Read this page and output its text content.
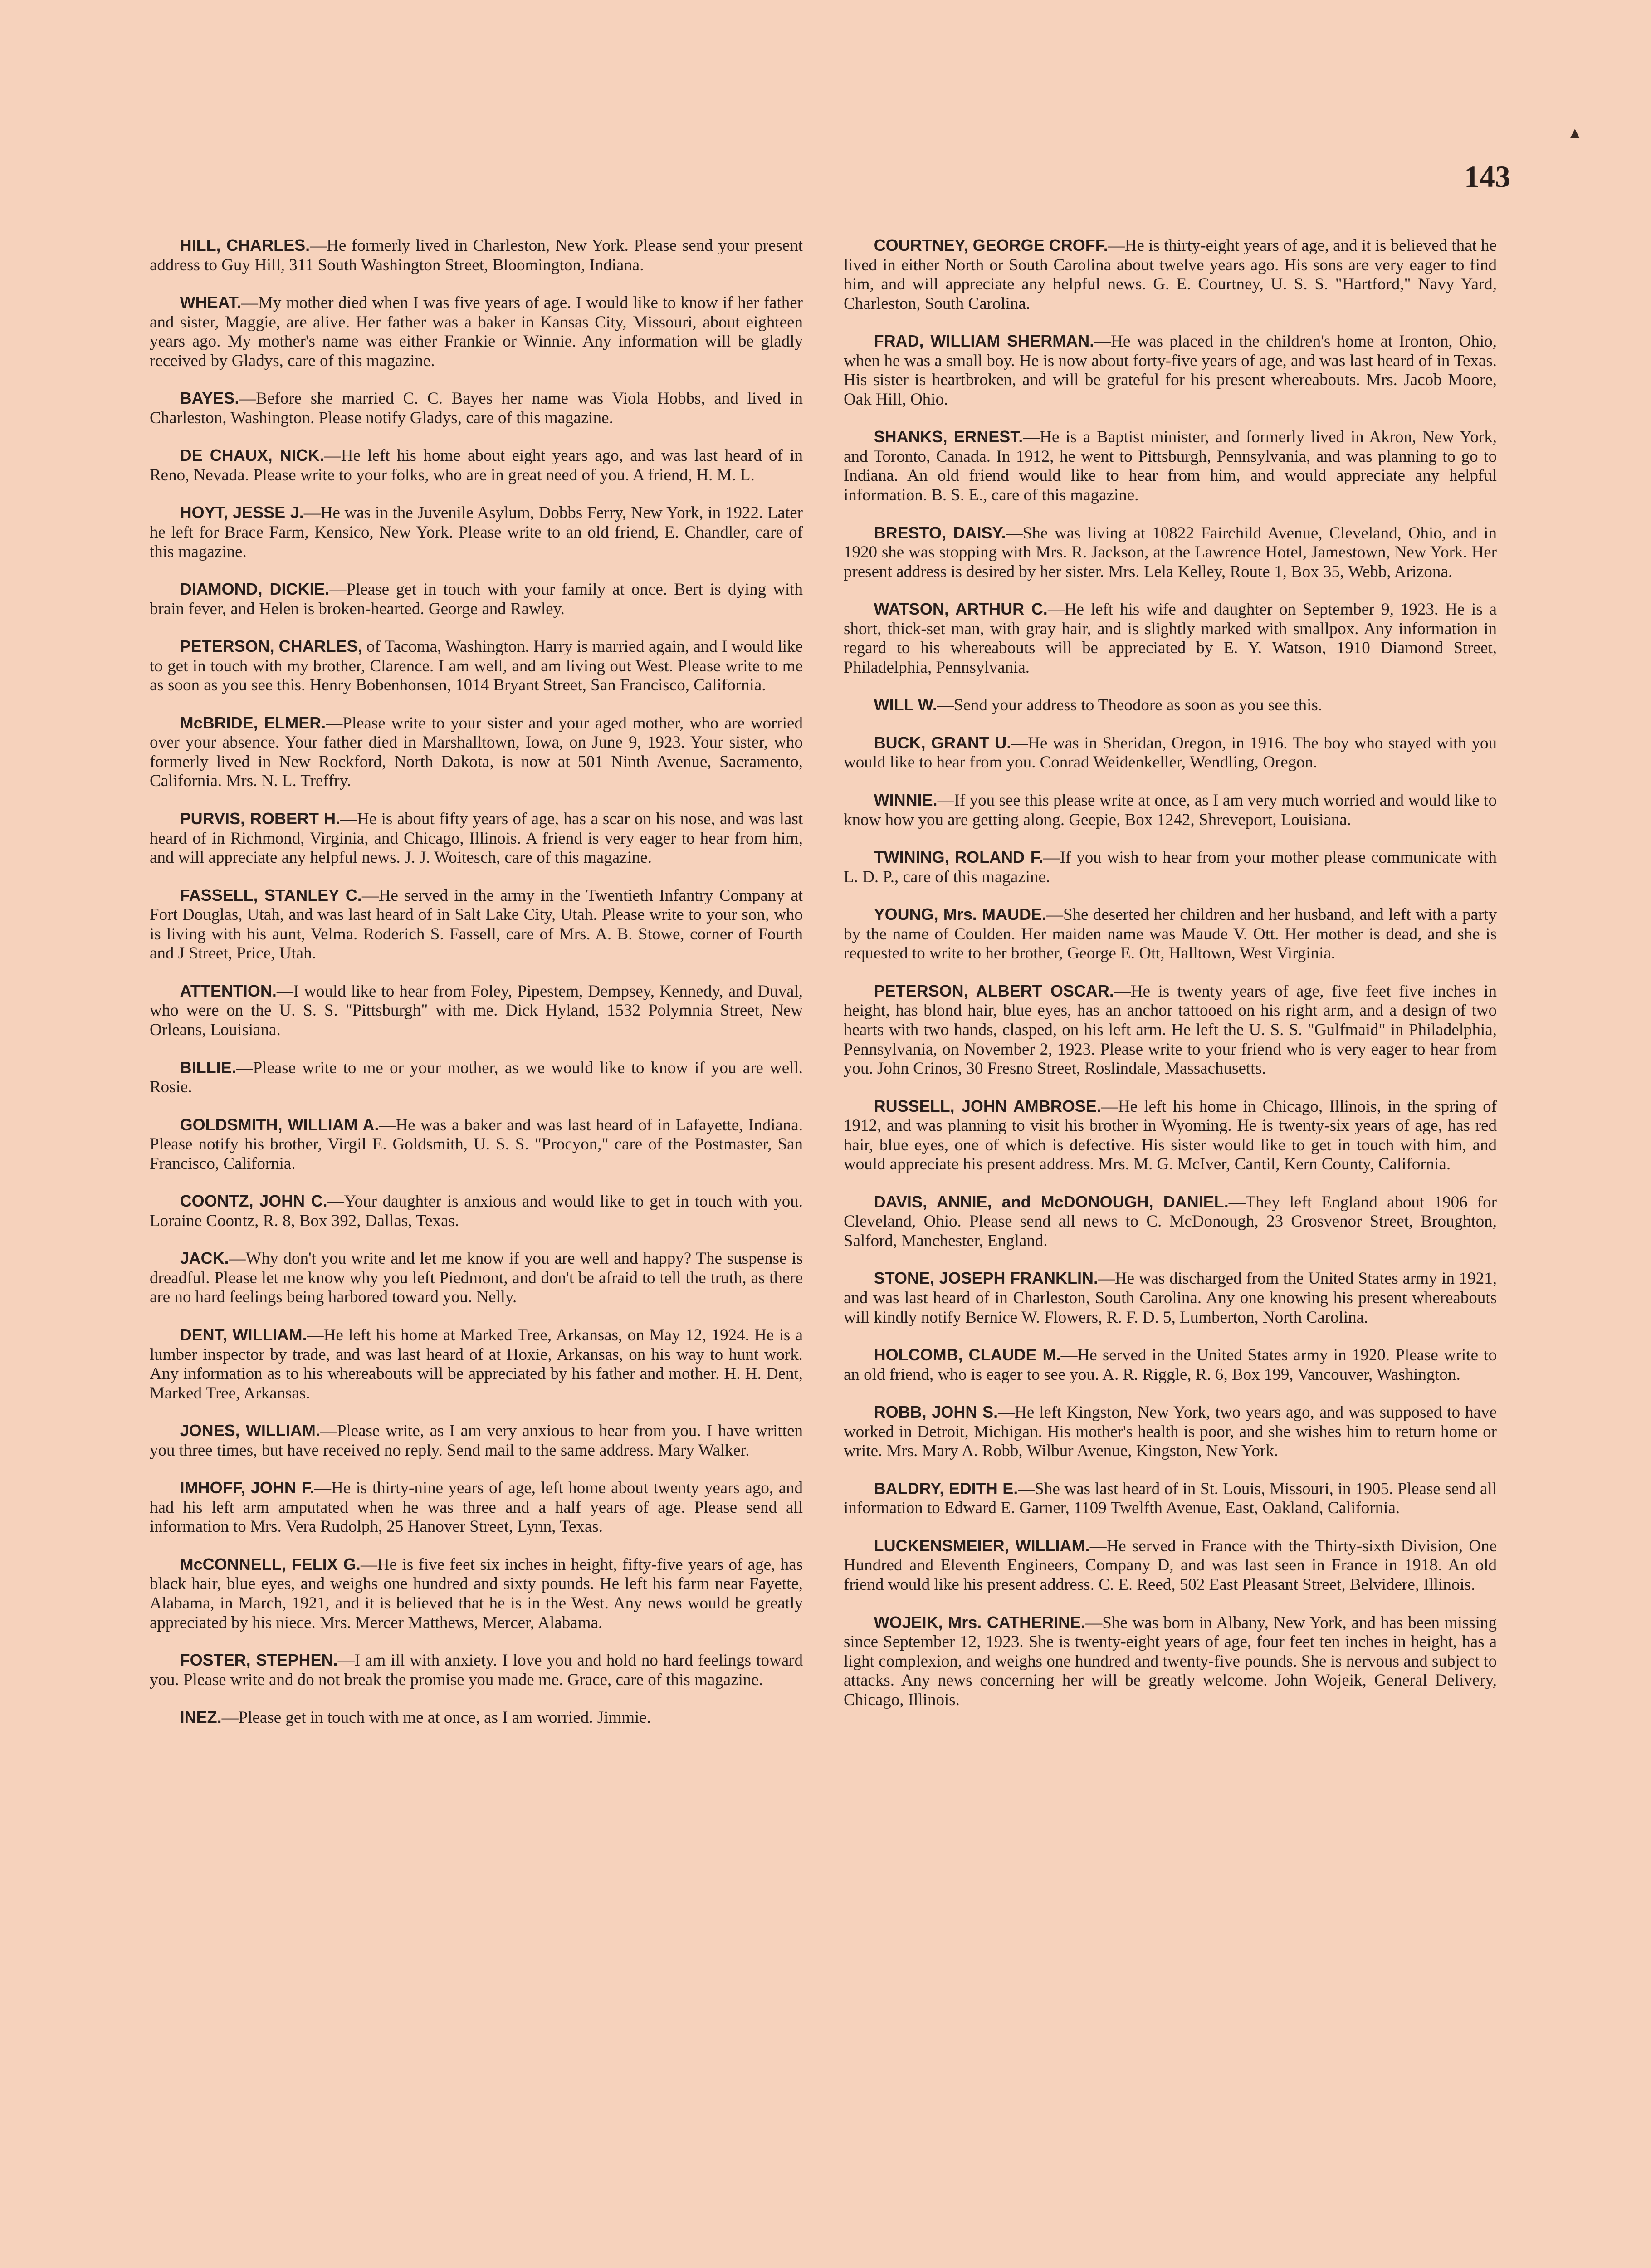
▲
143

HILL, CHARLES.—He formerly lived in Charleston, New York. Please send your present address to Guy Hill, 311 South Washington Street, Bloomington, Indiana.

WHEAT.—My mother died when I was five years of age. I would like to know if her father and sister, Maggie, are alive. Her father was a baker in Kansas City, Missouri, about eighteen years ago. My mother's name was either Frankie or Winnie. Any information will be gladly received by Gladys, care of this magazine.

BAYES.—Before she married C. C. Bayes her name was Viola Hobbs, and lived in Charleston, Washington. Please notify Gladys, care of this magazine.

DE CHAUX, NICK.—He left his home about eight years ago, and was last heard of in Reno, Nevada. Please write to your folks, who are in great need of you. A friend, H. M. L.

HOYT, JESSE J.—He was in the Juvenile Asylum, Dobbs Ferry, New York, in 1922. Later he left for Brace Farm, Kensico, New York. Please write to an old friend, E. Chandler, care of this magazine.

DIAMOND, DICKIE.—Please get in touch with your family at once. Bert is dying with brain fever, and Helen is broken-hearted. George and Rawley.

PETERSON, CHARLES, of Tacoma, Washington. Harry is married again, and I would like to get in touch with my brother, Clarence. I am well, and am living out West. Please write to me as soon as you see this. Henry Bobenhonsen, 1014 Bryant Street, San Francisco, California.

McBRIDE, ELMER.—Please write to your sister and your aged mother, who are worried over your absence. Your father died in Marshalltown, Iowa, on June 9, 1923. Your sister, who formerly lived in New Rockford, North Dakota, is now at 501 Ninth Avenue, Sacramento, California. Mrs. N. L. Treffry.

PURVIS, ROBERT H.—He is about fifty years of age, has a scar on his nose, and was last heard of in Richmond, Virginia, and Chicago, Illinois. A friend is very eager to hear from him, and will appreciate any helpful news. J. J. Woitesch, care of this magazine.

FASSELL, STANLEY C.—He served in the army in the Twentieth Infantry Company at Fort Douglas, Utah, and was last heard of in Salt Lake City, Utah. Please write to your son, who is living with his aunt, Velma. Roderich S. Fassell, care of Mrs. A. B. Stowe, corner of Fourth and J Street, Price, Utah.

ATTENTION.—I would like to hear from Foley, Pipestem, Dempsey, Kennedy, and Duval, who were on the U. S. S. "Pittsburgh" with me. Dick Hyland, 1532 Polymnia Street, New Orleans, Louisiana.

BILLIE.—Please write to me or your mother, as we would like to know if you are well. Rosie.

GOLDSMITH, WILLIAM A.—He was a baker and was last heard of in Lafayette, Indiana. Please notify his brother, Virgil E. Goldsmith, U. S. S. "Procyon," care of the Postmaster, San Francisco, California.

COONTZ, JOHN C.—Your daughter is anxious and would like to get in touch with you. Loraine Coontz, R. 8, Box 392, Dallas, Texas.

JACK.—Why don't you write and let me know if you are well and happy? The suspense is dreadful. Please let me know why you left Piedmont, and don't be afraid to tell the truth, as there are no hard feelings being harbored toward you. Nelly.

DENT, WILLIAM.—He left his home at Marked Tree, Arkansas, on May 12, 1924. He is a lumber inspector by trade, and was last heard of at Hoxie, Arkansas, on his way to hunt work. Any information as to his whereabouts will be appreciated by his father and mother. H. H. Dent, Marked Tree, Arkansas.

JONES, WILLIAM.—Please write, as I am very anxious to hear from you. I have written you three times, but have received no reply. Send mail to the same address. Mary Walker.

IMHOFF, JOHN F.—He is thirty-nine years of age, left home about twenty years ago, and had his left arm amputated when he was three and a half years of age. Please send all information to Mrs. Vera Rudolph, 25 Hanover Street, Lynn, Texas.

McCONNELL, FELIX G.—He is five feet six inches in height, fifty-five years of age, has black hair, blue eyes, and weighs one hundred and sixty pounds. He left his farm near Fayette, Alabama, in March, 1921, and it is believed that he is in the West. Any news would be greatly appreciated by his niece. Mrs. Mercer Matthews, Mercer, Alabama.

FOSTER, STEPHEN.—I am ill with anxiety. I love you and hold no hard feelings toward you. Please write and do not break the promise you made me. Grace, care of this magazine.

INEZ.—Please get in touch with me at once, as I am worried. Jimmie.

COURTNEY, GEORGE CROFF.—He is thirty-eight years of age, and it is believed that he lived in either North or South Carolina about twelve years ago. His sons are very eager to find him, and will appreciate any helpful news. G. E. Courtney, U. S. S. "Hartford," Navy Yard, Charleston, South Carolina.

FRAD, WILLIAM SHERMAN.—He was placed in the children's home at Ironton, Ohio, when he was a small boy. He is now about forty-five years of age, and was last heard of in Texas. His sister is heartbroken, and will be grateful for his present whereabouts. Mrs. Jacob Moore, Oak Hill, Ohio.

SHANKS, ERNEST.—He is a Baptist minister, and formerly lived in Akron, New York, and Toronto, Canada. In 1912, he went to Pittsburgh, Pennsylvania, and was planning to go to Indiana. An old friend would like to hear from him, and would appreciate any helpful information. B. S. E., care of this magazine.

BRESTO, DAISY.—She was living at 10822 Fairchild Avenue, Cleveland, Ohio, and in 1920 she was stopping with Mrs. R. Jackson, at the Lawrence Hotel, Jamestown, New York. Her present address is desired by her sister. Mrs. Lela Kelley, Route 1, Box 35, Webb, Arizona.

WATSON, ARTHUR C.—He left his wife and daughter on September 9, 1923. He is a short, thick-set man, with gray hair, and is slightly marked with smallpox. Any information in regard to his whereabouts will be appreciated by E. Y. Watson, 1910 Diamond Street, Philadelphia, Pennsylvania.

WILL W.—Send your address to Theodore as soon as you see this.

BUCK, GRANT U.—He was in Sheridan, Oregon, in 1916. The boy who stayed with you would like to hear from you. Conrad Weidenkeller, Wendling, Oregon.

WINNIE.—If you see this please write at once, as I am very much worried and would like to know how you are getting along. Geepie, Box 1242, Shreveport, Louisiana.

TWINING, ROLAND F.—If you wish to hear from your mother please communicate with L. D. P., care of this magazine.

YOUNG, Mrs. MAUDE.—She deserted her children and her husband, and left with a party by the name of Coulden. Her maiden name was Maude V. Ott. Her mother is dead, and she is requested to write to her brother, George E. Ott, Halltown, West Virginia.

PETERSON, ALBERT OSCAR.—He is twenty years of age, five feet five inches in height, has blond hair, blue eyes, has an anchor tattooed on his right arm, and a design of two hearts with two hands, clasped, on his left arm. He left the U. S. S. "Gulfmaid" in Philadelphia, Pennsylvania, on November 2, 1923. Please write to your friend who is very eager to hear from you. John Crinos, 30 Fresno Street, Roslindale, Massachusetts.

RUSSELL, JOHN AMBROSE.—He left his home in Chicago, Illinois, in the spring of 1912, and was planning to visit his brother in Wyoming. He is twenty-six years of age, has red hair, blue eyes, one of which is defective. His sister would like to get in touch with him, and would appreciate his present address. Mrs. M. G. McIver, Cantil, Kern County, California.

DAVIS, ANNIE, and McDONOUGH, DANIEL.—They left England about 1906 for Cleveland, Ohio. Please send all news to C. McDonough, 23 Grosvenor Street, Broughton, Salford, Manchester, England.

STONE, JOSEPH FRANKLIN.—He was discharged from the United States army in 1921, and was last heard of in Charleston, South Carolina. Any one knowing his present whereabouts will kindly notify Bernice W. Flowers, R. F. D. 5, Lumberton, North Carolina.

HOLCOMB, CLAUDE M.—He served in the United States army in 1920. Please write to an old friend, who is eager to see you. A. R. Riggle, R. 6, Box 199, Vancouver, Washington.

ROBB, JOHN S.—He left Kingston, New York, two years ago, and was supposed to have worked in Detroit, Michigan. His mother's health is poor, and she wishes him to return home or write. Mrs. Mary A. Robb, Wilbur Avenue, Kingston, New York.

BALDRY, EDITH E.—She was last heard of in St. Louis, Missouri, in 1905. Please send all information to Edward E. Garner, 1109 Twelfth Avenue, East, Oakland, California.

LUCKENSMEIER, WILLIAM.—He served in France with the Thirty-sixth Division, One Hundred and Eleventh Engineers, Company D, and was last seen in France in 1918. An old friend would like his present address. C. E. Reed, 502 East Pleasant Street, Belvidere, Illinois.

WOJEIK, Mrs. CATHERINE.—She was born in Albany, New York, and has been missing since September 12, 1923. She is twenty-eight years of age, four feet ten inches in height, has a light complexion, and weighs one hundred and twenty-five pounds. She is nervous and subject to attacks. Any news concerning her will be greatly welcome. John Wojeik, General Delivery, Chicago, Illinois.
